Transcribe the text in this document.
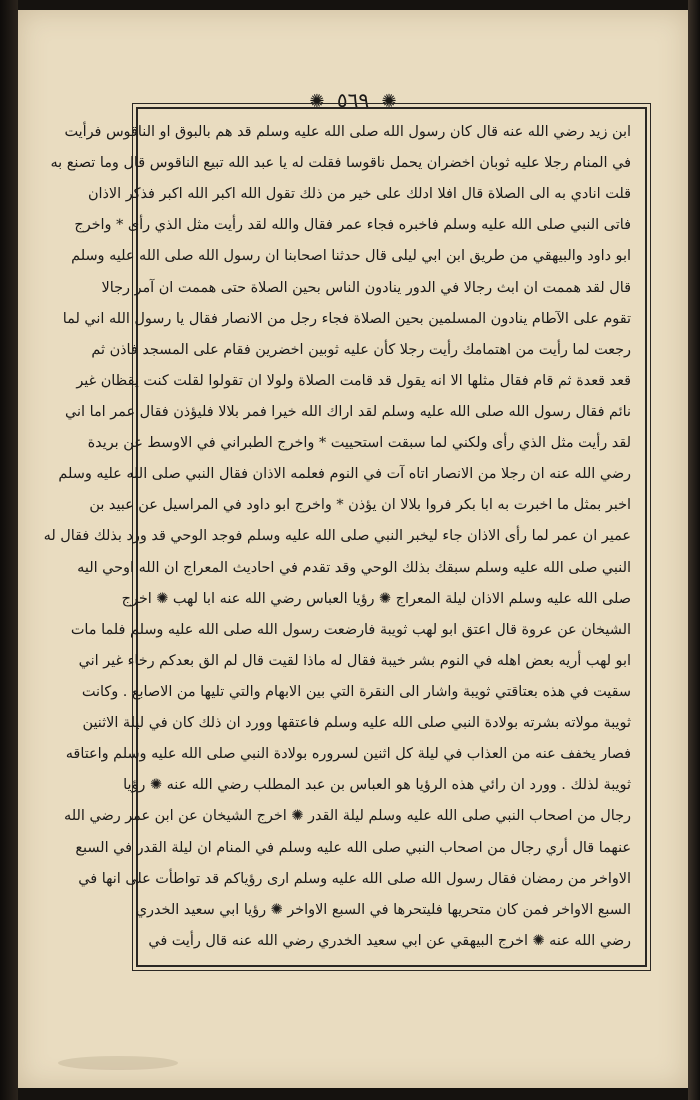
✺ ٥٦٩ ✺
ابن زيد رضي الله عنه قال كان رسول الله صلى الله عليه وسلم قد هم بالبوق او الناقوس فرأيت
في المنام رجلا عليه ثوبان اخضران يحمل ناقوسا فقلت له يا عبد الله تبيع الناقوس قال وما تصنع به
قلت انادي به الى الصلاة قال افلا ادلك على خير من ذلك تقول الله اكبر الله اكبر فذكر الاذان
فاتى النبي صلى الله عليه وسلم فاخبره فجاء عمر فقال والله لقد رأيت مثل الذي رأى * واخرج
ابو داود والبيهقي من طريق ابن ابي ليلى قال حدثنا اصحابنا ان رسول الله صلى الله عليه وسلم
قال لقد هممت ان ابث رجالا في الدور ينادون الناس بحين الصلاة حتى هممت ان آمر رجالا
تقوم على الآطام ينادون المسلمين بحين الصلاة فجاء رجل من الانصار فقال يا رسول الله اني لما
رجعت لما رأيت من اهتمامك رأيت رجلا كأن عليه ثوبين اخضرين فقام على المسجد فاذن ثم
قعد قعدة ثم قام فقال مثلها الا انه يقول قد قامت الصلاة ولولا ان تقولوا لقلت كنت يقظان غير
نائم فقال رسول الله صلى الله عليه وسلم لقد اراك الله خيرا فمر بلالا فليؤذن فقال عمر اما اني
لقد رأيت مثل الذي رأى ولكني لما سبقت استحييت * واخرج الطبراني في الاوسط عن بريدة
رضي الله عنه ان رجلا من الانصار اتاه آت في النوم فعلمه الاذان فقال النبي صلى الله عليه وسلم
اخبر بمثل ما اخبرت به ابا بكر فروا بلالا ان يؤذن * واخرج ابو داود في المراسيل عن عبيد بن
عمير ان عمر لما رأى الاذان جاء ليخبر النبي صلى الله عليه وسلم فوجد الوحي قد ورد بذلك فقال له
النبي صلى الله عليه وسلم سبقك بذلك الوحي وقد تقدم في احاديث المعراج ان الله اوحي اليه
صلى الله عليه وسلم الاذان ليلة المعراج ✺ رؤيا العباس رضي الله عنه ابا لهب ✺ اخرج
الشيخان عن عروة قال اعتق ابو لهب ثويبة فارضعت رسول الله صلى الله عليه وسلم فلما مات
ابو لهب أريه بعض اهله في النوم بشر خيبة فقال له ماذا لقيت قال لم الق بعدكم رخاء غير اني
سقيت في هذه بعتاقتي ثويبة واشار الى النقرة التي بين الابهام والتي تليها من الاصابع . وكانت
ثويبة مولاته بشرته بولادة النبي صلى الله عليه وسلم فاعتقها وورد ان ذلك كان في ليلة الاثنين
فصار يخفف عنه من العذاب في ليلة كل اثنين لسروره بولادة النبي صلى الله عليه وسلم واعتاقه
ثويبة لذلك . وورد ان رائي هذه الرؤيا هو العباس بن عبد المطلب رضي الله عنه ✺ رؤيا
رجال من اصحاب النبي صلى الله عليه وسلم ليلة القدر ✺ اخرج الشيخان عن ابن عمر رضي الله
عنهما قال أري رجال من اصحاب النبي صلى الله عليه وسلم في المنام ان ليلة القدر في السبع
الاواخر من رمضان فقال رسول الله صلى الله عليه وسلم ارى رؤياكم قد تواطأت على انها في
السبع الاواخر فمن كان متحريها فليتحرها في السبع الاواخر ✺ رؤيا ابي سعيد الخدري
رضي الله عنه ✺ اخرج البيهقي عن ابي سعيد الخدري رضي الله عنه قال رأيت في
